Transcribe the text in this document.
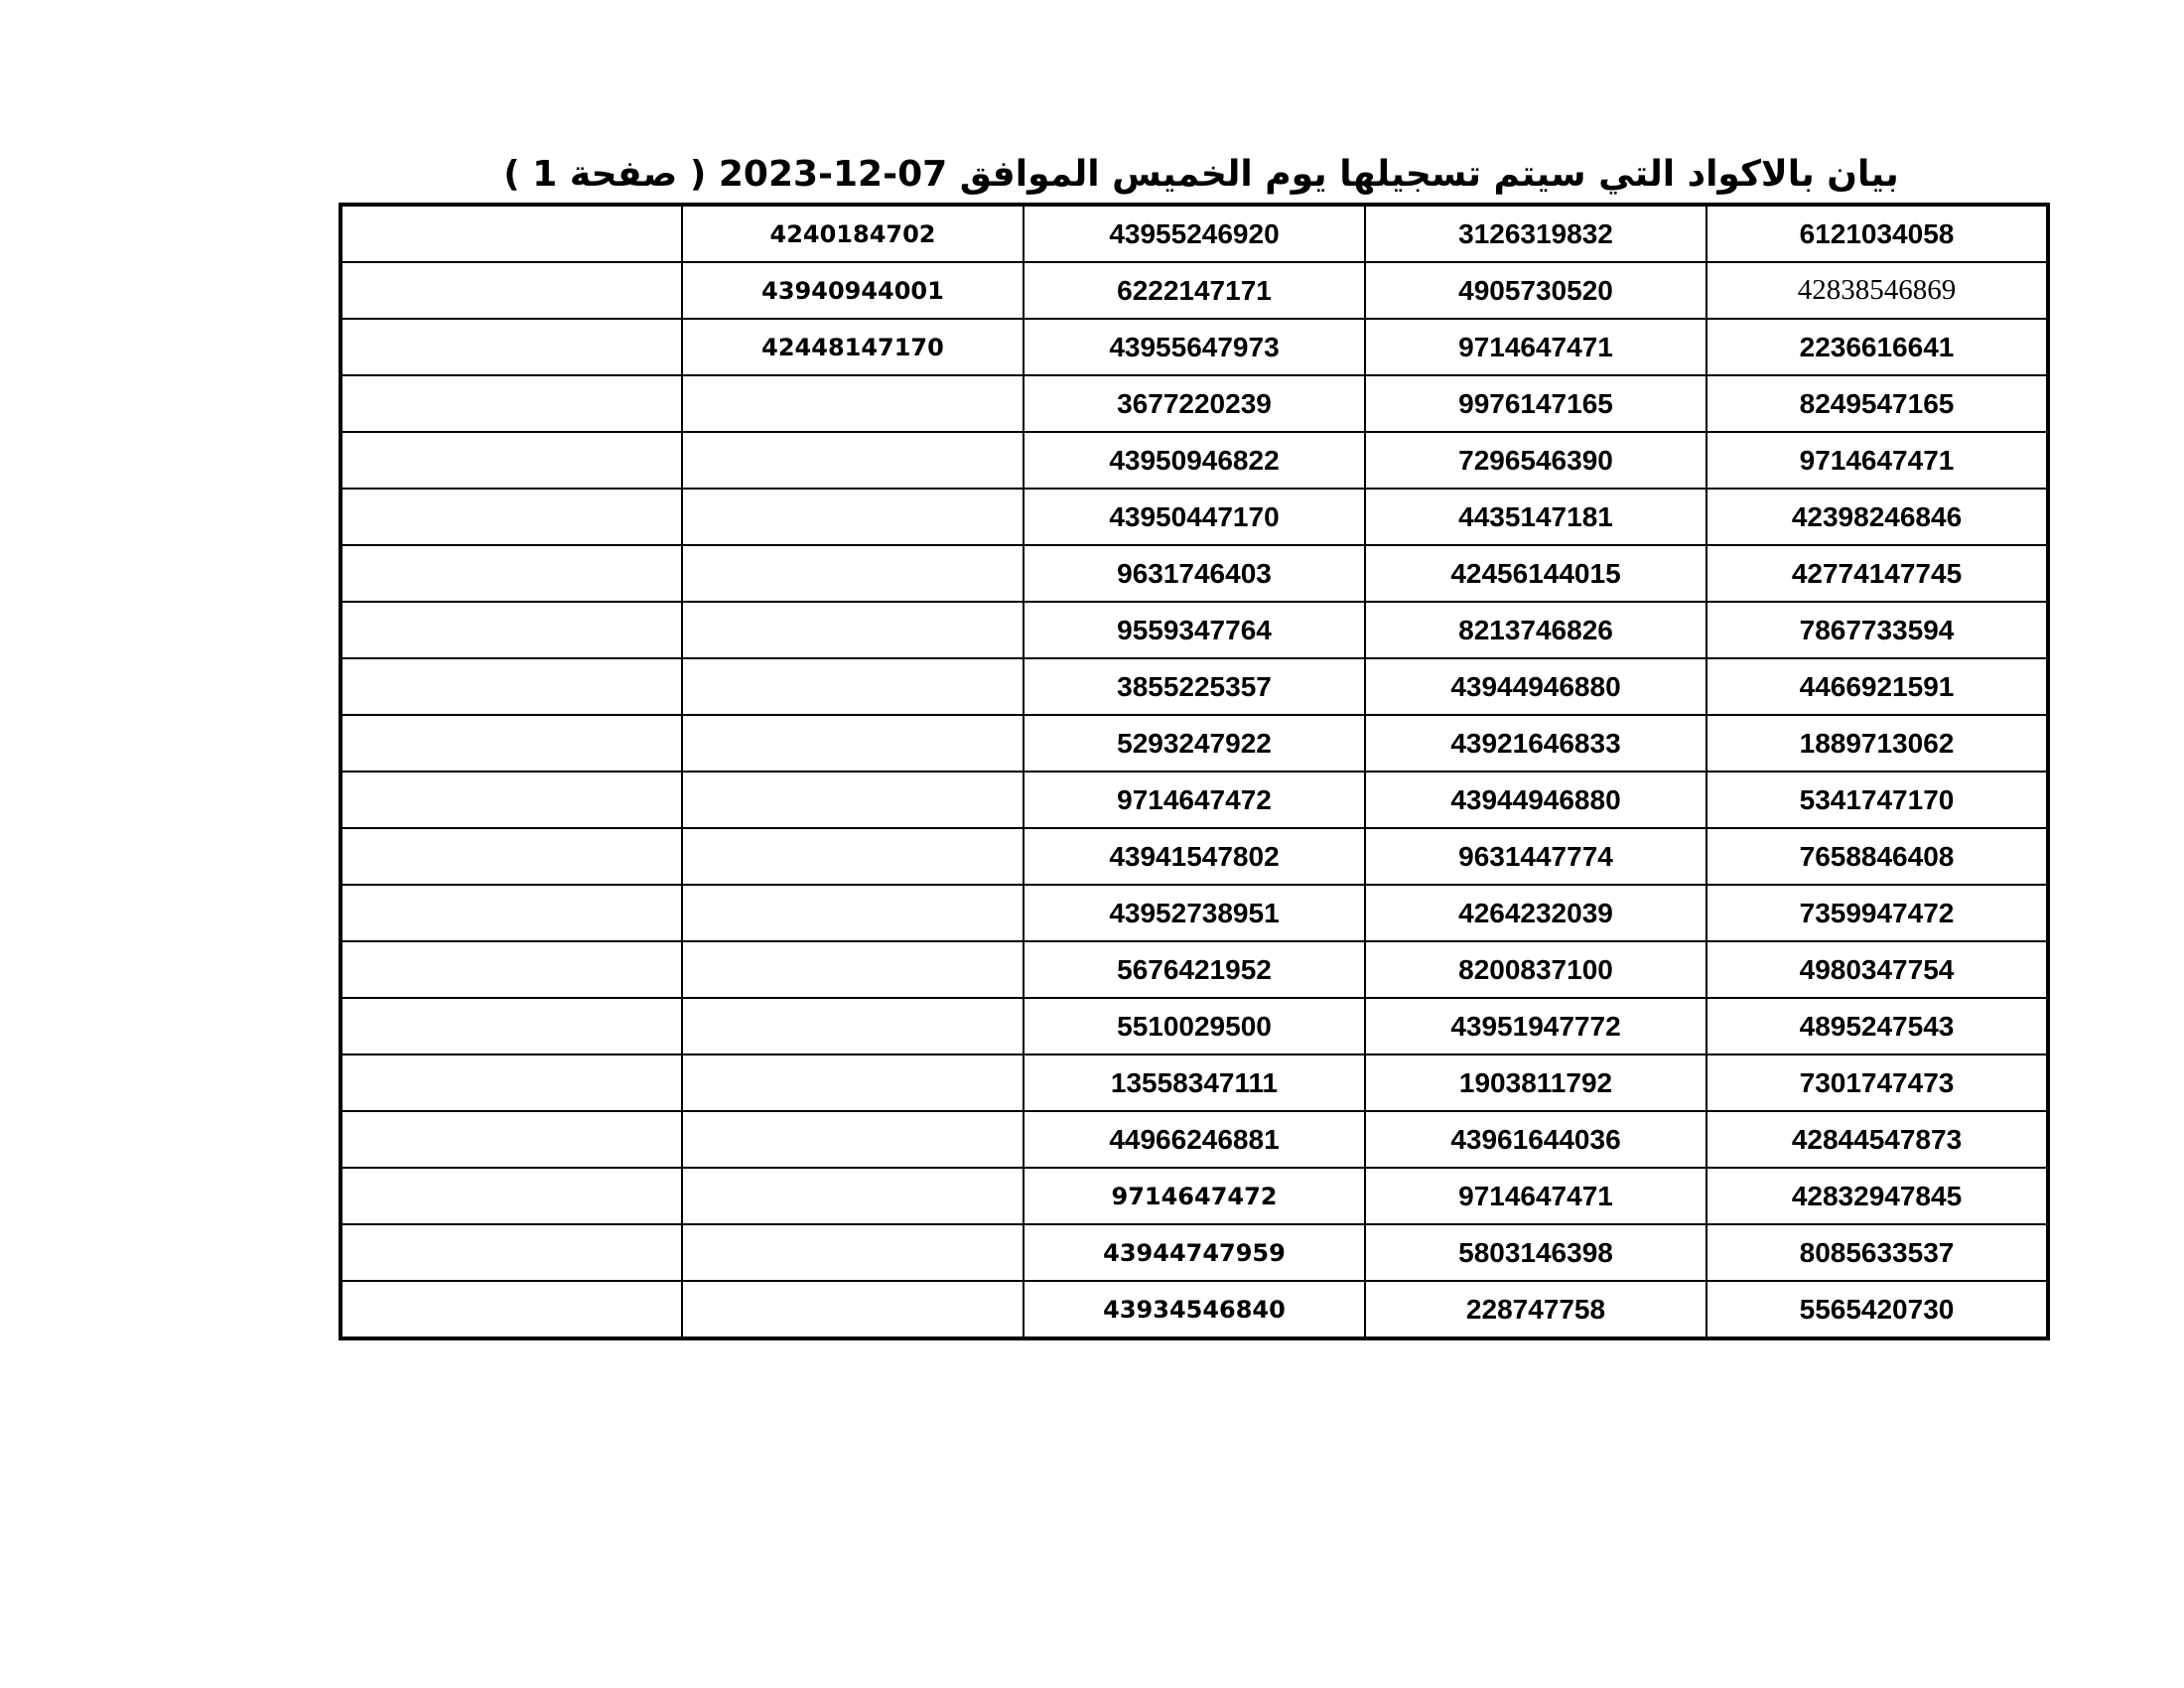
بيان بالاكواد التي سيتم تسجيلها يوم الخميس الموافق 07-12-2023 ( صفحة 1 )
	4240184702	43955246920	3126319832	6121034058
	43940944001	6222147171	4905730520	42838546869
	42448147170	43955647973	9714647471	2236616641
		3677220239	9976147165	8249547165
		43950946822	7296546390	9714647471
		43950447170	4435147181	42398246846
		9631746403	42456144015	42774147745
		9559347764	8213746826	7867733594
		3855225357	43944946880	4466921591
		5293247922	43921646833	1889713062
		9714647472	43944946880	5341747170
		43941547802	9631447774	7658846408
		43952738951	4264232039	7359947472
		5676421952	8200837100	4980347754
		5510029500	43951947772	4895247543
		13558347111	1903811792	7301747473
		44966246881	43961644036	42844547873
		9714647472	9714647471	42832947845
		43944747959	5803146398	8085633537
		43934546840	228747758	5565420730
